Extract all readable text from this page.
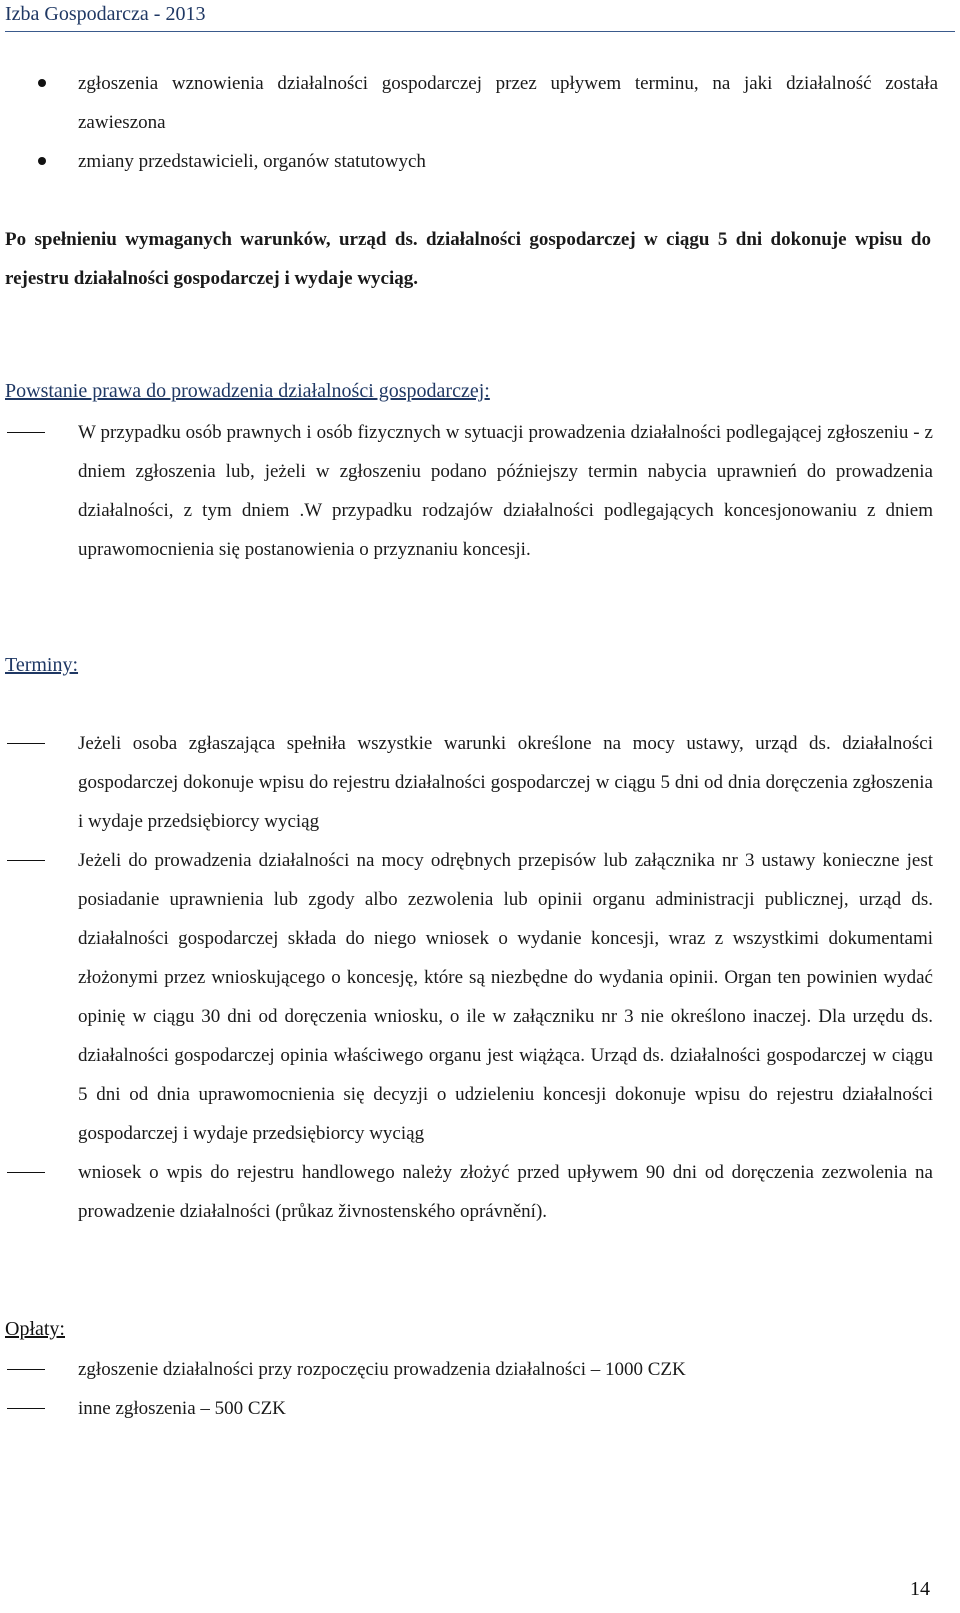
Izba Gospodarcza - 2013
zgłoszenia wznowienia działalności gospodarczej przez upływem terminu, na jaki działalność została zawieszona
zmiany przedstawicieli, organów statutowych
Po spełnieniu wymaganych warunków, urząd ds. działalności gospodarczej w ciągu 5 dni dokonuje wpisu do rejestru działalności gospodarczej i wydaje wyciąg.
Powstanie prawa do prowadzenia działalności gospodarczej:
W przypadku osób prawnych i osób fizycznych w sytuacji prowadzenia działalności podlegającej zgłoszeniu - z dniem zgłoszenia lub, jeżeli w zgłoszeniu podano późniejszy termin nabycia uprawnień do prowadzenia działalności, z tym dniem .W przypadku rodzajów działalności podlegających koncesjonowaniu z dniem uprawomocnienia się postanowienia o przyznaniu koncesji.
Terminy:
Jeżeli osoba zgłaszająca spełniła wszystkie warunki określone na mocy ustawy, urząd ds. działalności gospodarczej dokonuje wpisu do rejestru działalności gospodarczej w ciągu 5 dni od dnia doręczenia zgłoszenia i wydaje przedsiębiorcy wyciąg
Jeżeli do prowadzenia działalności na mocy odrębnych przepisów lub załącznika nr 3 ustawy konieczne jest posiadanie uprawnienia lub zgody albo zezwolenia lub opinii organu administracji publicznej, urząd ds. działalności gospodarczej składa do niego wniosek o wydanie koncesji, wraz z wszystkimi dokumentami złożonymi przez wnioskującego o koncesję, które są niezbędne do wydania opinii. Organ ten powinien wydać opinię w ciągu 30 dni od doręczenia wniosku, o ile w załączniku nr 3 nie określono inaczej. Dla urzędu ds. działalności gospodarczej opinia właściwego organu jest wiążąca. Urząd ds. działalności gospodarczej w ciągu 5 dni od dnia uprawomocnienia się decyzji o udzieleniu koncesji dokonuje wpisu do rejestru działalności gospodarczej i wydaje przedsiębiorcy wyciąg
wniosek o wpis do rejestru handlowego należy złożyć przed upływem 90 dni od doręczenia zezwolenia na prowadzenie działalności (průkaz živnostenského oprávnění).
Opłaty:
zgłoszenie działalności przy rozpoczęciu prowadzenia działalności – 1000 CZK
inne zgłoszenia – 500 CZK
14
